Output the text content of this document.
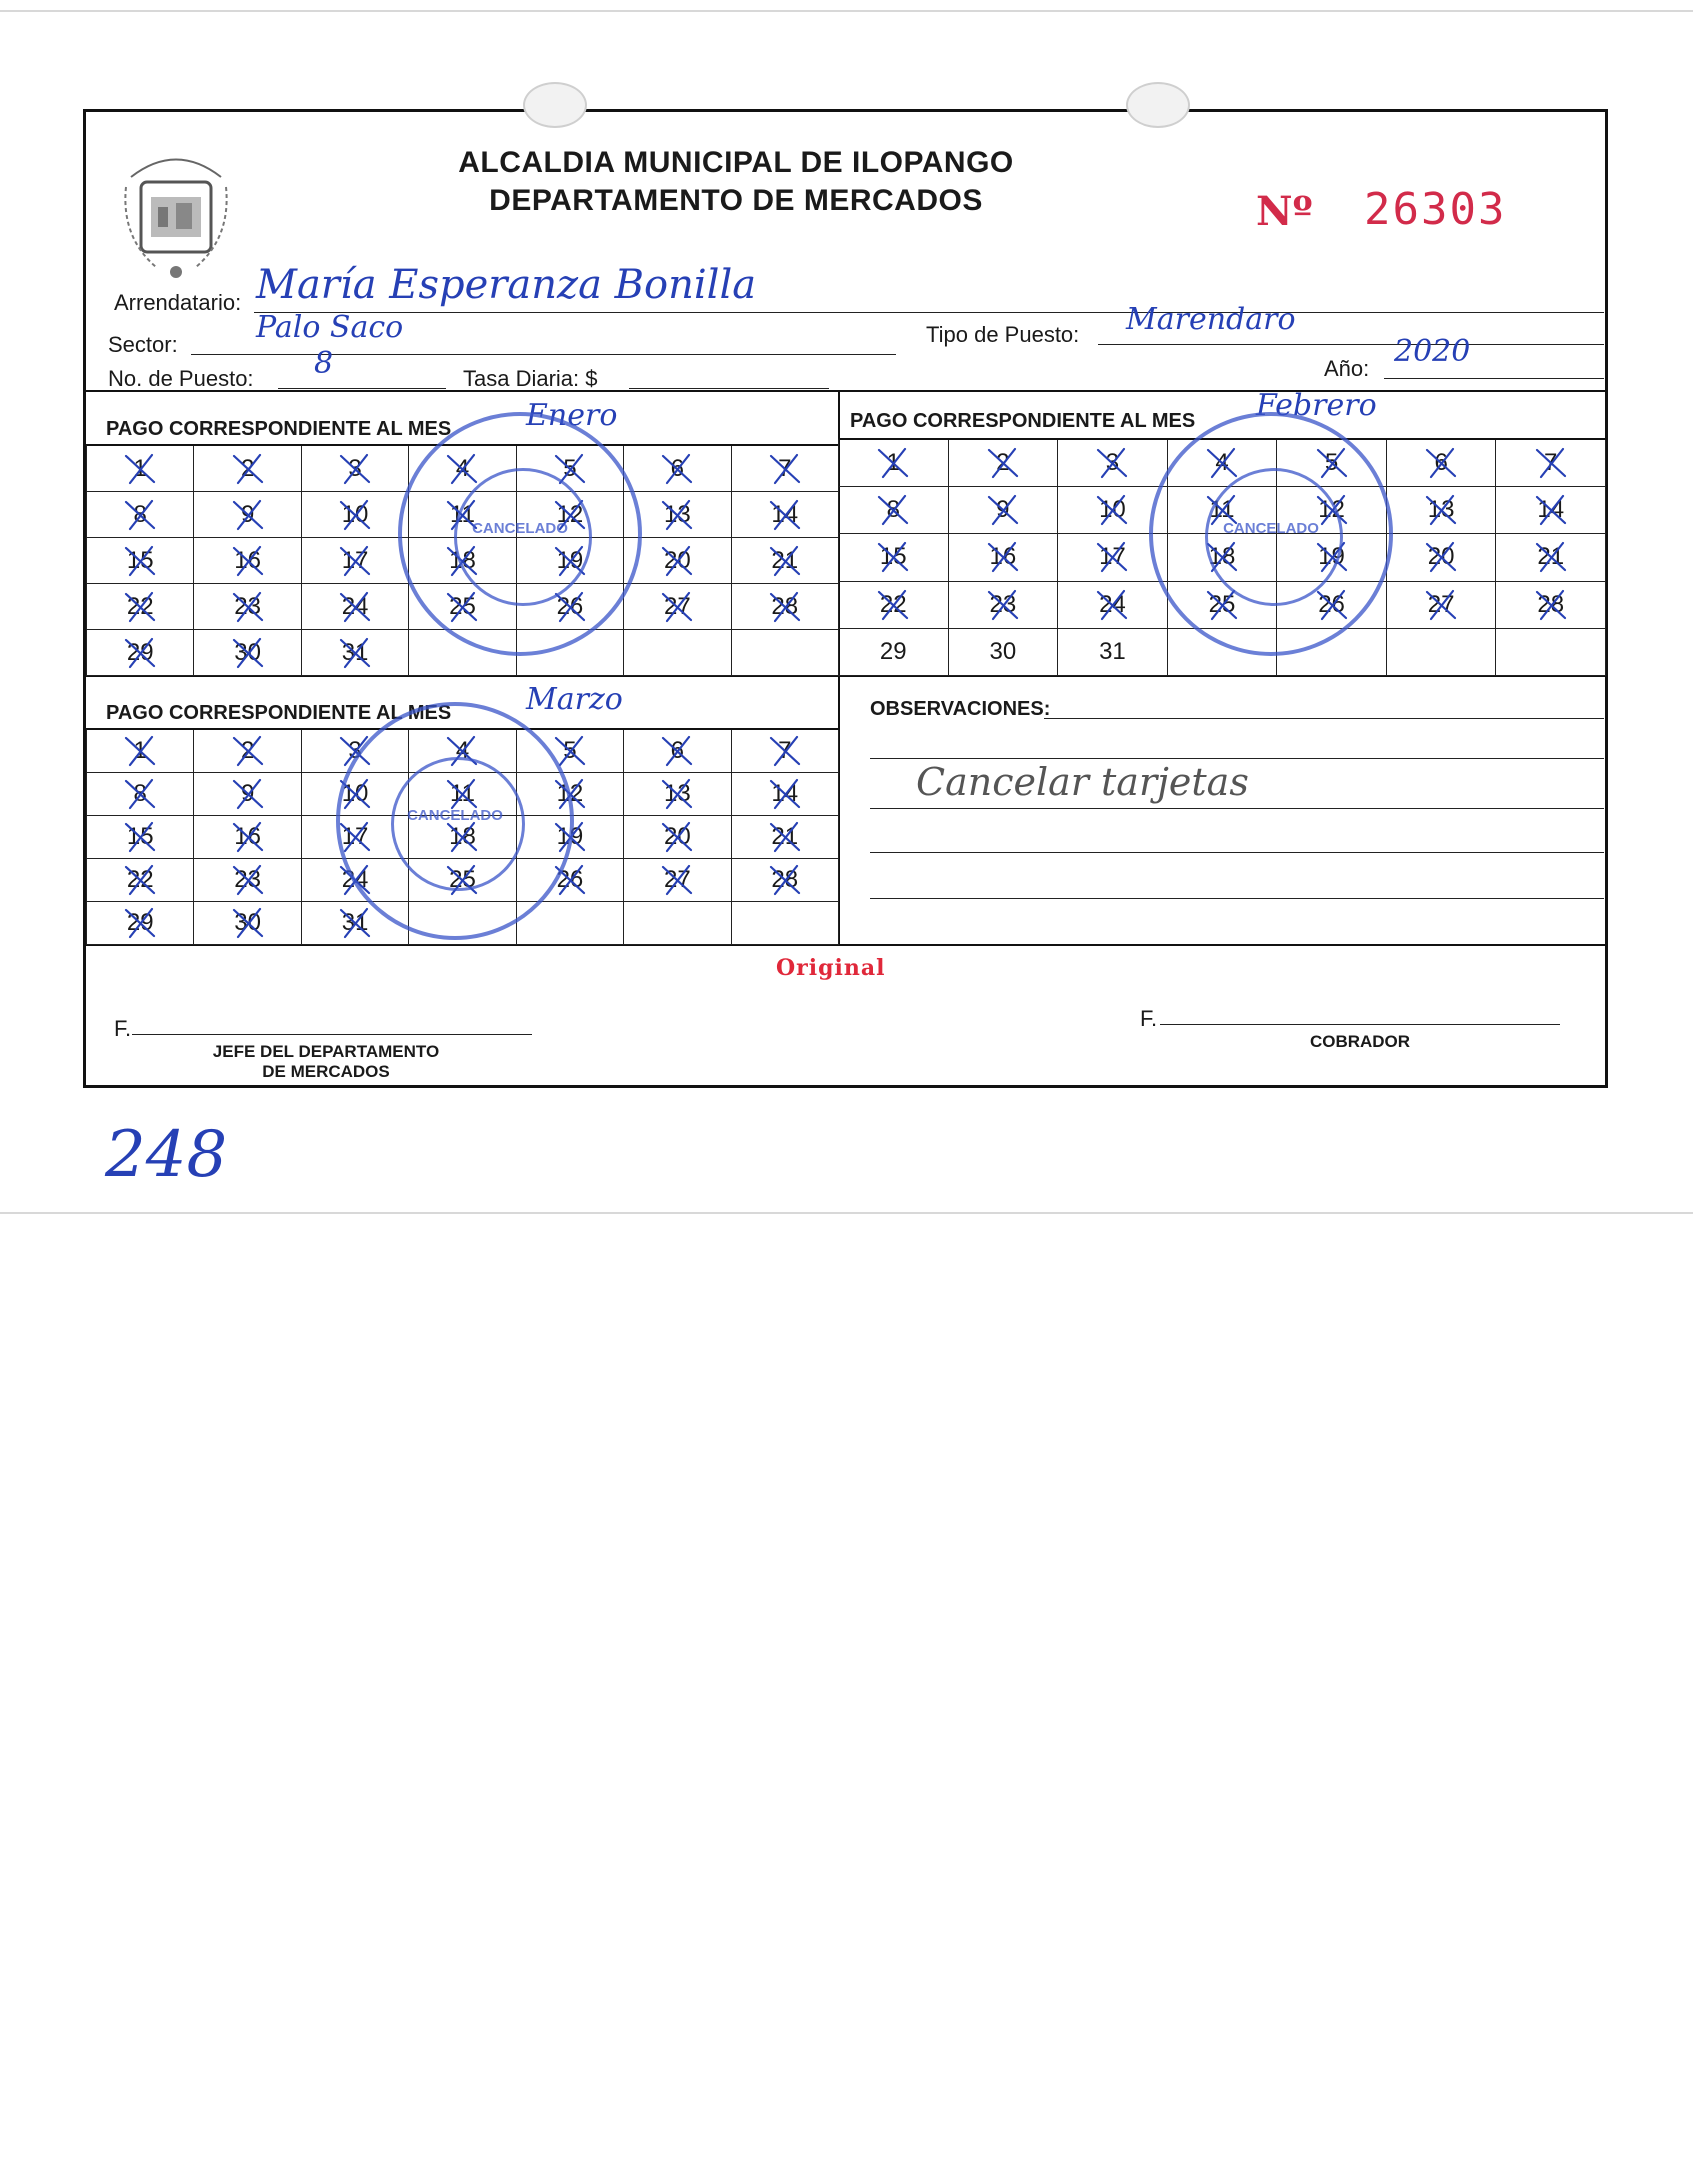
ALCALDIA MUNICIPAL DE ILOPANGO
DEPARTAMENTO DE MERCADOS	Nº 26303
Arrendatario: María Esperanza Bonilla
Sector:	Palo Saco	Tipo de Puesto: Marendaro
No. de Puesto: 8	Tasa Diaria: $	Año: 2020
PAGO CORRESPONDIENTE AL MES Enero
1	2	3	4	5	6	7
8	9	10	11	12	13	14
15	16	17	18	19	20	21
22	23	24	25	26	27	28
29	30	31
PAGO CORRESPONDIENTE AL MES Febrero
1	2	3	4	5	6	7
8	9	10	11	12	13	14
15	16	17	18	19	20	21
22	23	24	25	26	27	28
29	30	31
PAGO CORRESPONDIENTE AL MES Marzo
1	2	3	4	5	6	7
8	9	10	11	12	13	14
15	16	17	18	19	20	21
22	23	24	25	26	27	28
29	30	31
CANCELADO	CANCELADO
CANCELADO
OBSERVACIONES:
Cancelar tarjetas
Original
F.
JEFE DEL DEPARTAMENTO
DE MERCADOS
F.
COBRADOR
248
